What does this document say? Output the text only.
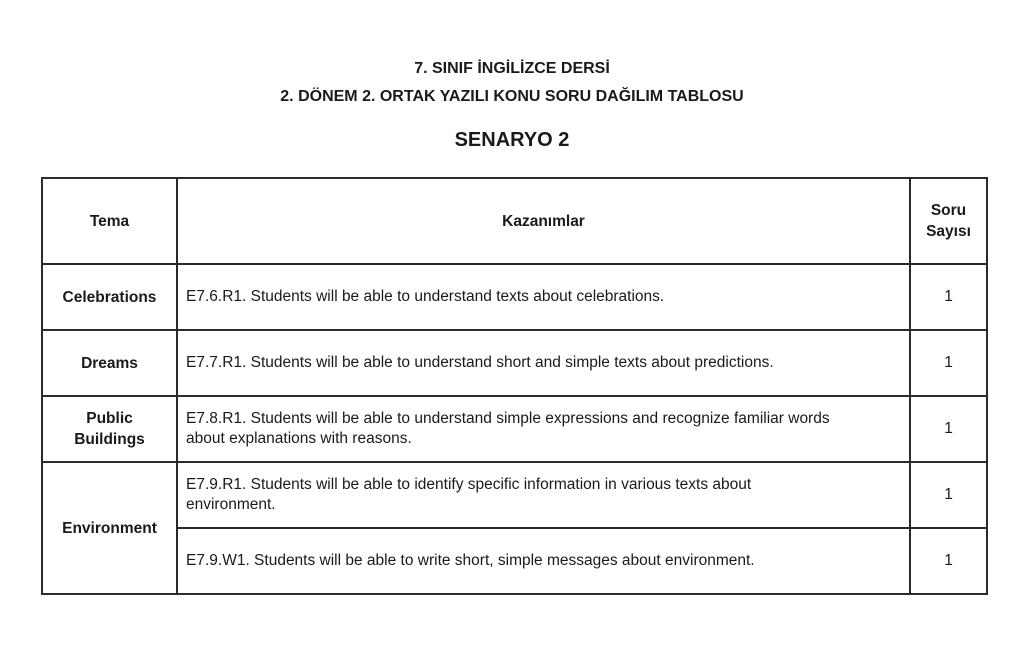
7. SINIF İNGİLİZCE DERSİ
2. DÖNEM 2. ORTAK YAZILI KONU SORU DAĞILIM TABLOSU
SENARYO 2
Tema	Kazanımlar	Soru
Sayısı
Celebrations	E7.6.R1. Students will be able to understand texts about celebrations.	1
Dreams	E7.7.R1. Students will be able to understand short and simple texts about predictions.	1
Public
Buildings	E7.8.R1. Students will be able to understand simple expressions and recognize familiar words
about explanations with reasons.	1
Environment	E7.9.R1. Students will be able to identify specific information in various texts about
environment.	1
	E7.9.W1. Students will be able to write short, simple messages about environment.	1
